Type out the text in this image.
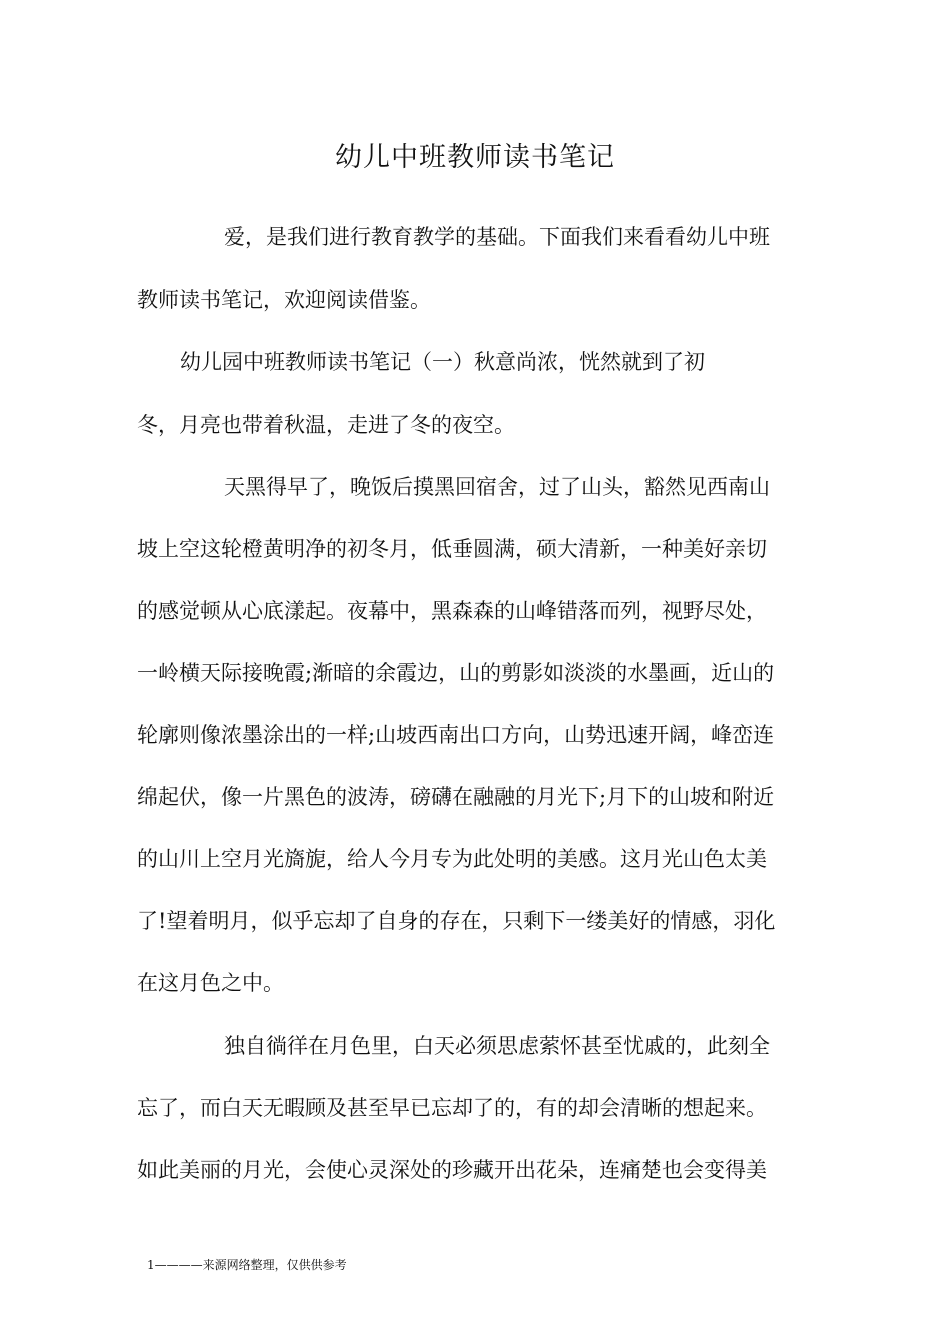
幼儿中班教师读书笔记

爱，是我们进行教育教学的基础。下面我们来看看幼儿中班

教师读书笔记，欢迎阅读借鉴。

幼儿园中班教师读书笔记（一）秋意尚浓，恍然就到了初

冬，月亮也带着秋温，走进了冬的夜空。

天黑得早了，晚饭后摸黑回宿舍，过了山头，豁然见西南山

坡上空这轮橙黄明净的初冬月，低垂圆满，硕大清新，一种美好亲切

的感觉顿从心底漾起。夜幕中，黑森森的山峰错落而列，视野尽处，

一岭横天际接晚霞;渐暗的余霞边，山的剪影如淡淡的水墨画，近山的

轮廓则像浓墨涂出的一样;山坡西南出口方向，山势迅速开阔，峰峦连

绵起伏，像一片黑色的波涛，磅礴在融融的月光下;月下的山坡和附近

的山川上空月光旖旎，给人今月专为此处明的美感。这月光山色太美

了!望着明月，似乎忘却了自身的存在，只剩下一缕美好的情感，羽化

在这月色之中。

独自徜徉在月色里，白天必须思虑萦怀甚至忧戚的，此刻全

忘了，而白天无暇顾及甚至早已忘却了的，有的却会清晰的想起来。

如此美丽的月光，会使心灵深处的珍藏开出花朵，连痛楚也会变得美

1————来源网络整理，仅供供参考
